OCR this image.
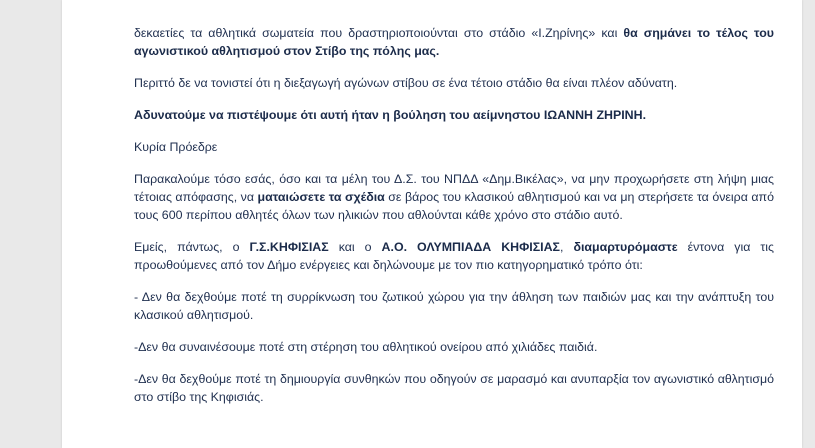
δεκαετίες τα αθλητικά σωματεία που δραστηριοποιούνται στο στάδιο «Ι.Ζηρίνης» και θα σημάνει το τέλος του αγωνιστικού αθλητισμού στον Στίβο της πόλης μας.

Περιττό δε να τονιστεί ότι η διεξαγωγή αγώνων στίβου σε ένα τέτοιο στάδιο θα είναι πλέον αδύνατη.

Αδυνατούμε να πιστέψουμε ότι αυτή ήταν η βούληση του αείμνηστου ΙΩΑΝΝΗ ΖΗΡΙΝΗ.

Κυρία Πρόεδρε

Παρακαλούμε τόσο εσάς, όσο και τα μέλη του Δ.Σ. του ΝΠΔΔ «Δημ.Βικέλας», να μην προχωρήσετε στη λήψη μιας τέτοιας απόφασης, να ματαιώσετε τα σχέδια σε βάρος του κλασικού αθλητισμού και να μη στερήσετε τα όνειρα από τους 600 περίπου αθλητές όλων των ηλικιών που αθλούνται κάθε χρόνο στο στάδιο αυτό.

Εμείς, πάντως, ο Γ.Σ.ΚΗΦΙΣΙΑΣ και ο Α.Ο. ΟΛΥΜΠΙΑΔΑ ΚΗΦΙΣΙΑΣ, διαμαρτυρόμαστε έντονα για τις προωθούμενες από τον Δήμο ενέργειες και δηλώνουμε με τον πιο κατηγορηματικό τρόπο ότι:

- Δεν θα δεχθούμε ποτέ τη συρρίκνωση του ζωτικού χώρου για την άθληση των παιδιών μας και την ανάπτυξη του κλασικού αθλητισμού.

-Δεν θα συναινέσουμε ποτέ στη στέρηση του αθλητικού ονείρου από χιλιάδες παιδιά.

-Δεν θα δεχθούμε ποτέ τη δημιουργία συνθηκών που οδηγούν σε μαρασμό και ανυπαρξία τον αγωνιστικό αθλητισμό στο στίβο της Κηφισιάς.
